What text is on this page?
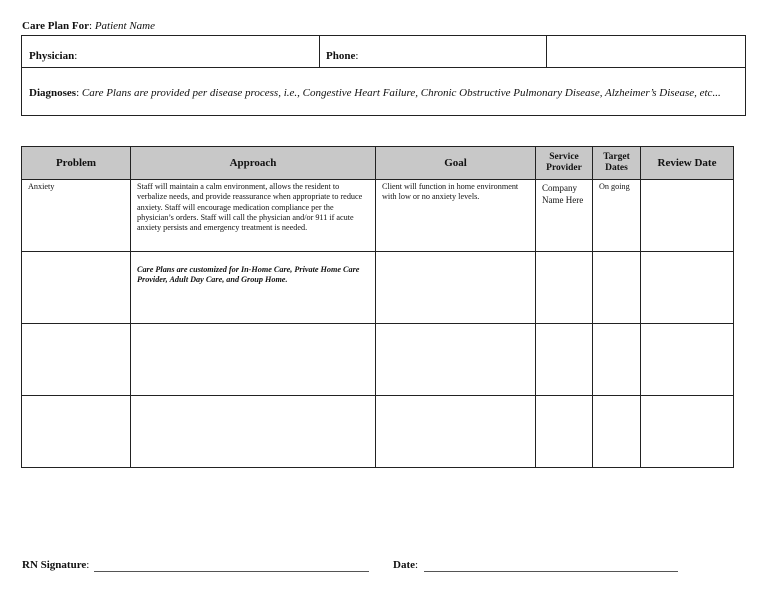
Care Plan For: Patient Name
Physician:	Phone:
Diagnoses: Care Plans are provided per disease process, i.e., Congestive Heart Failure, Chronic Obstructive Pulmonary Disease, Alzheimer’s Disease, etc...
Problem	Approach	Goal	Service Provider	Target Dates	Review Date

Anxiety	Staff will maintain a calm environment, allows the resident to verbalize needs, and provide reassurance when appropriate to reduce anxiety. Staff will encourage medication compliance per the physician’s orders. Staff will call the physician and/or 911 if acute anxiety persists and emergency treatment is needed.	Client will function in home environment with low or no anxiety levels.	Company Name Here	On going	

	Care Plans are customized for In-Home Care, Private Home Care Provider, Adult Day Care, and Group Home.				

RN Signature:	Date:
